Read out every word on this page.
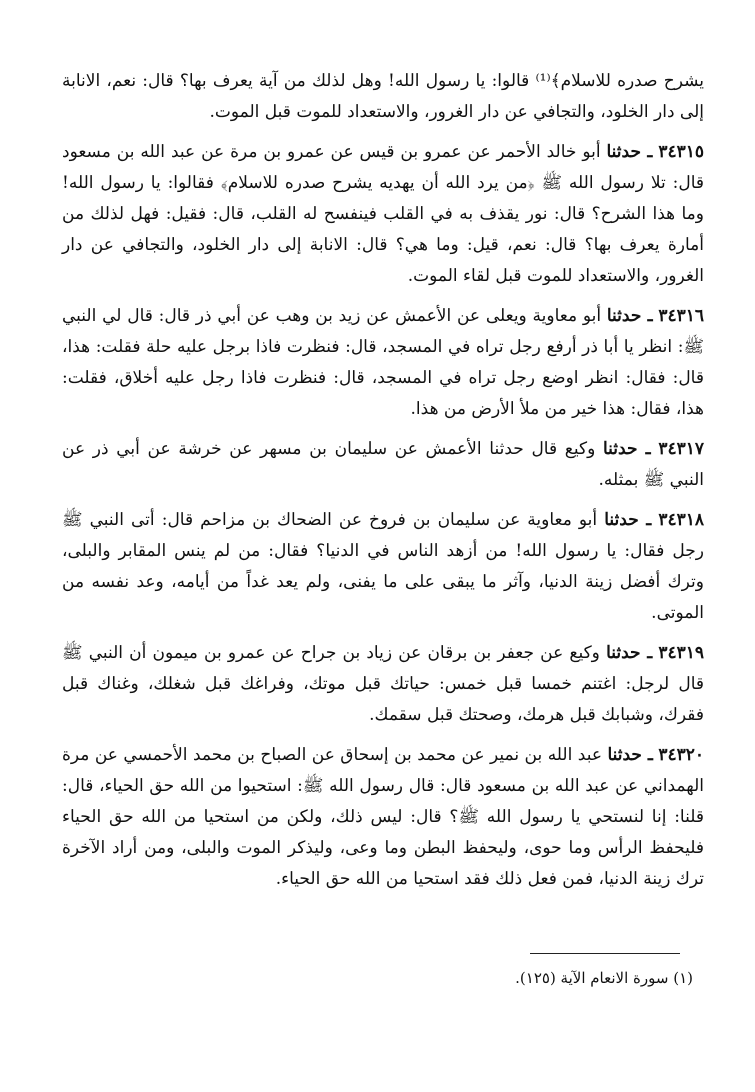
يشرح صدره للاسلام﴾⁽¹⁾ قالوا: يا رسول الله! وهل لذلك من آية يعرف بها؟ قال: نعم، الانابة إلى دار الخلود، والتجافي عن دار الغرور، والاستعداد للموت قبل الموت.

٣٤٣١٥ ـ حدثنا أبو خالد الأحمر عن عمرو بن قيس عن عمرو بن مرة عن عبد الله بن مسعود قال: تلا رسول الله ﷺ ﴿من يرد الله أن يهديه يشرح صدره للاسلام﴾ فقالوا: يا رسول الله! وما هذا الشرح؟ قال: نور يقذف به في القلب فينفسح له القلب، قال: فقيل: فهل لذلك من أمارة يعرف بها؟ قال: نعم، قيل: وما هي؟ قال: الانابة إلى دار الخلود، والتجافي عن دار الغرور، والاستعداد للموت قبل لقاء الموت.

٣٤٣١٦ ـ حدثنا أبو معاوية ويعلى عن الأعمش عن زيد بن وهب عن أبي ذر قال: قال لي النبي ﷺ: انظر يا أبا ذر أرفع رجل تراه في المسجد، قال: فنظرت فاذا برجل عليه حلة فقلت: هذا، قال: فقال: انظر اوضع رجل تراه في المسجد، قال: فنظرت فاذا رجل عليه أخلاق، فقلت: هذا، فقال: هذا خير من ملأ الأرض من هذا.

٣٤٣١٧ ـ حدثنا وكيع قال حدثنا الأعمش عن سليمان بن مسهر عن خرشة عن أبي ذر عن النبي ﷺ بمثله.

٣٤٣١٨ ـ حدثنا أبو معاوية عن سليمان بن فروخ عن الضحاك بن مزاحم قال: أتى النبي ﷺ رجل فقال: يا رسول الله! من أزهد الناس في الدنيا؟ فقال: من لم ينس المقابر والبلى، وترك أفضل زينة الدنيا، وآثر ما يبقى على ما يفنى، ولم يعد غداً من أيامه، وعد نفسه من الموتى.

٣٤٣١٩ ـ حدثنا وكيع عن جعفر بن برقان عن زياد بن جراح عن عمرو بن ميمون أن النبي ﷺ قال لرجل: اغتنم خمسا قبل خمس: حياتك قبل موتك، وفراغك قبل شغلك، وغناك قبل فقرك، وشبابك قبل هرمك، وصحتك قبل سقمك.

٣٤٣٢٠ ـ حدثنا عبد الله بن نمير عن محمد بن إسحاق عن الصباح بن محمد الأحمسي عن مرة الهمداني عن عبد الله بن مسعود قال: قال رسول الله ﷺ: استحيوا من الله حق الحياء، قال: قلنا: إنا لنستحي يا رسول الله ﷺ؟ قال: ليس ذلك، ولكن من استحيا من الله حق الحياء فليحفظ الرأس وما حوى، وليحفظ البطن وما وعى، وليذكر الموت والبلى، ومن أراد الآخرة ترك زينة الدنيا، فمن فعل ذلك فقد استحيا من الله حق الحياء.

(١) سورة الانعام الآية (١٢٥).
